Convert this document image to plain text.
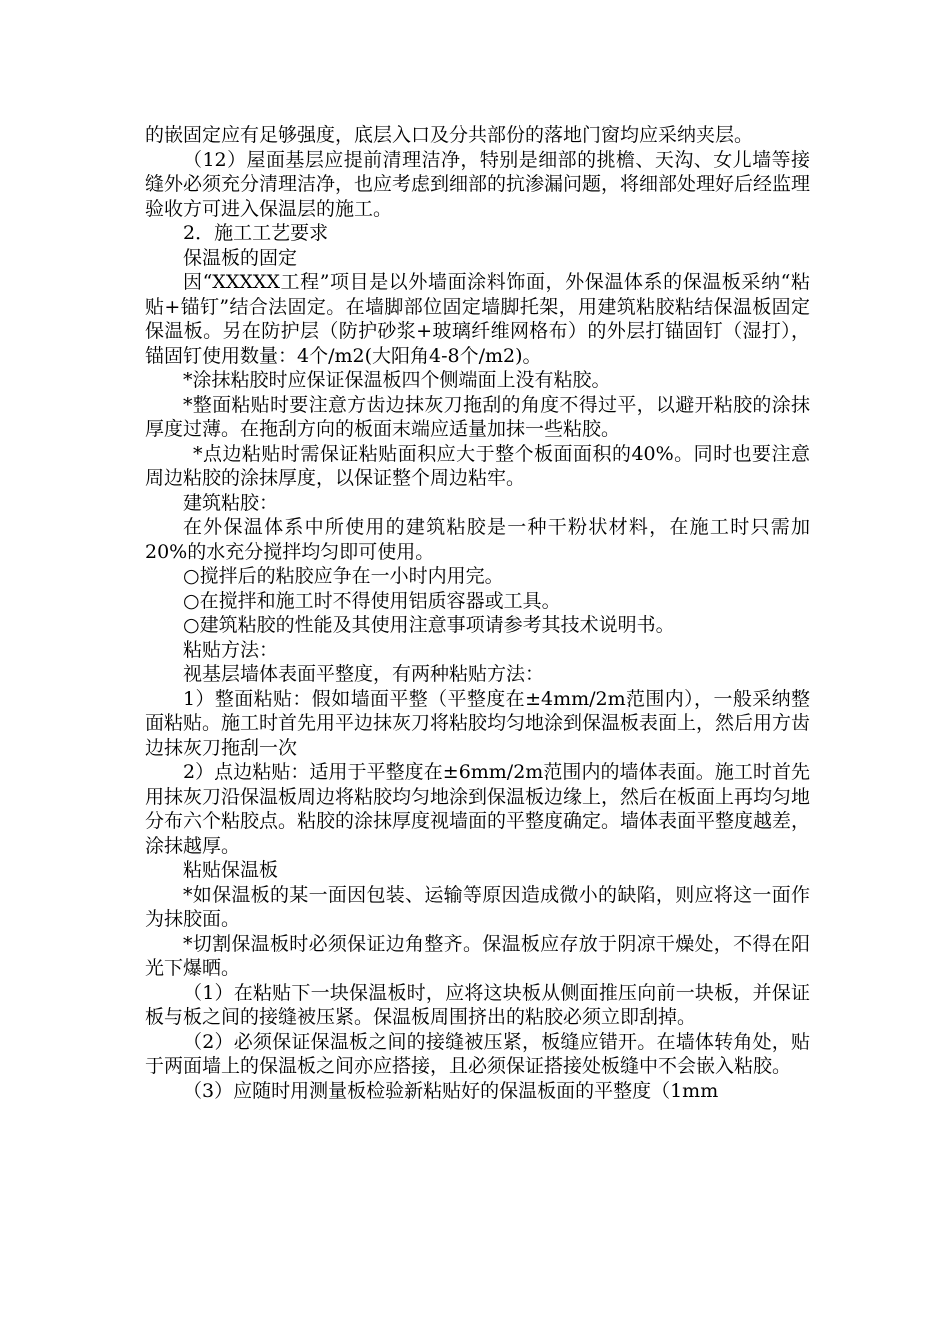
的嵌固定应有足够强度，底层入口及分共部份的落地门窗均应采纳夹层。

（12）屋面基层应提前清理洁净，特别是细部的挑檐、天沟、女儿墙等接缝外必须充分清理洁净，也应考虑到细部的抗渗漏问题，将细部处理好后经监理验收方可进入保温层的施工。

2．施工工艺要求

保温板的固定

因“XXXXX工程”项目是以外墙面涂料饰面，外保温体系的保温板采纳“粘贴+锚钉”结合法固定。在墙脚部位固定墙脚托架，用建筑粘胶粘结保温板固定保温板。另在防护层（防护砂浆+玻璃纤维网格布）的外层打锚固钉（湿打），锚固钉使用数量：4个/m2(大阳角4-8个/m2)。

*涂抹粘胶时应保证保温板四个侧端面上没有粘胶。

*整面粘贴时要注意方齿边抹灰刀拖刮的角度不得过平，以避开粘胶的涂抹厚度过薄。在拖刮方向的板面末端应适量加抹一些粘胶。

*点边粘贴时需保证粘贴面积应大于整个板面面积的40%。同时也要注意周边粘胶的涂抹厚度，以保证整个周边粘牢。

建筑粘胶：

在外保温体系中所使用的建筑粘胶是一种干粉状材料，在施工时只需加20%的水充分搅拌均匀即可使用。

○搅拌后的粘胶应争在一小时内用完。

○在搅拌和施工时不得使用铝质容器或工具。

○建筑粘胶的性能及其使用注意事项请参考其技术说明书。

粘贴方法：

视基层墙体表面平整度，有两种粘贴方法：

1）整面粘贴：假如墙面平整（平整度在±4mm/2m范围内），一般采纳整面粘贴。施工时首先用平边抹灰刀将粘胶均匀地涂到保温板表面上，然后用方齿边抹灰刀拖刮一次

2）点边粘贴：适用于平整度在±6mm/2m范围内的墙体表面。施工时首先用抹灰刀沿保温板周边将粘胶均匀地涂到保温板边缘上，然后在板面上再均匀地分布六个粘胶点。粘胶的涂抹厚度视墙面的平整度确定。墙体表面平整度越差，涂抹越厚。

粘贴保温板

*如保温板的某一面因包装、运输等原因造成微小的缺陷，则应将这一面作为抹胶面。

*切割保温板时必须保证边角整齐。保温板应存放于阴凉干燥处，不得在阳光下爆晒。

（1）在粘贴下一块保温板时，应将这块板从侧面推压向前一块板，并保证板与板之间的接缝被压紧。保温板周围挤出的粘胶必须立即刮掉。

（2）必须保证保温板之间的接缝被压紧，板缝应错开。在墙体转角处，贴于两面墙上的保温板之间亦应搭接，且必须保证搭接处板缝中不会嵌入粘胶。

（3）应随时用测量板检验新粘贴好的保温板面的平整度（1mm
